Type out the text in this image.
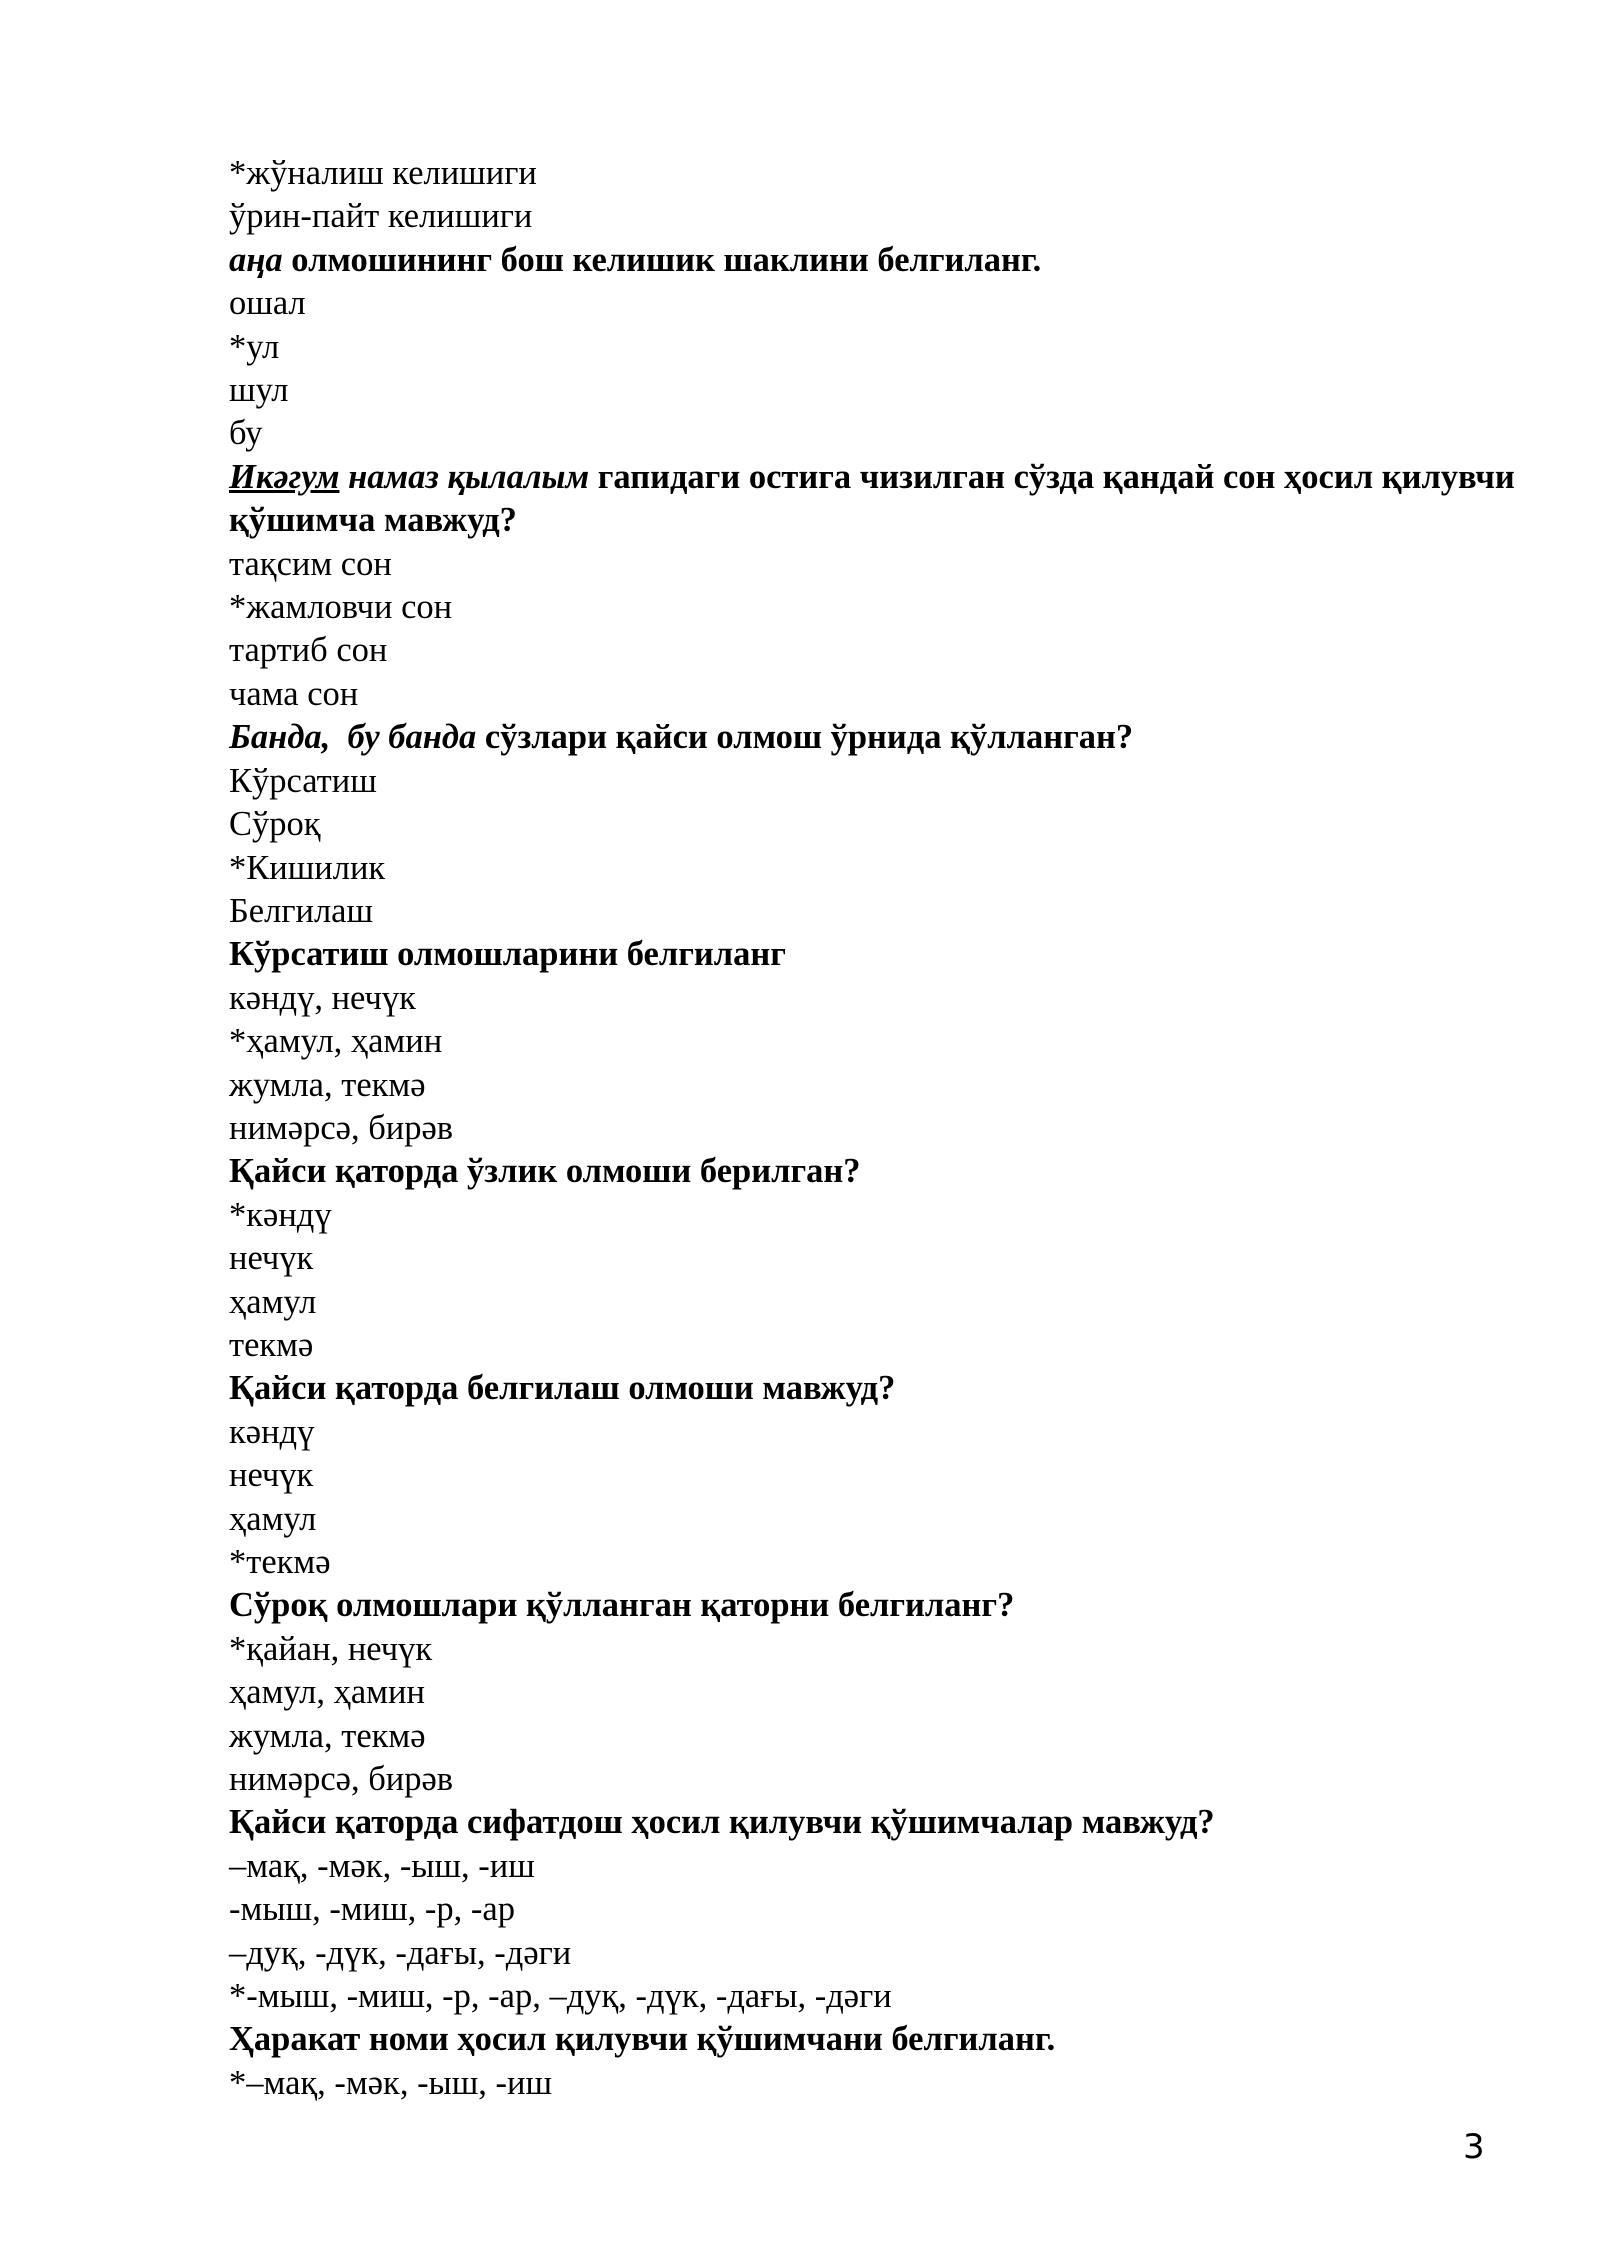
*жўналиш келишиги
ўрин-пайт келишиги
аңа олмошининг бош келишик шаклини белгиланг.
ошал
*ул
шул
бу
Икәгум намаз қылалым гапидаги остига чизилган сўзда қандай сон ҳосил қилувчи қўшимча мавжуд?
тақсим сон
*жамловчи сон
тартиб сон
чама сон
Банда,  бу банда сўзлари қайси олмош ўрнида қўлланган?
Кўрсатиш
Сўроқ
*Кишилик
Белгилаш
Кўрсатиш олмошларини белгиланг
кәндү, нечүк
*ҳамул, ҳамин
жумла, текмә
нимәрсә, бирәв
Қайси қаторда ўзлик олмоши берилган?
*кәндү
нечүк
ҳамул
текмә
Қайси қаторда белгилаш олмоши мавжуд?
кәндү
нечүк
ҳамул
*текмә
Сўроқ олмошлари қўлланган қаторни белгиланг?
*қайан, нечүк
ҳамул, ҳамин
жумла, текмә
нимәрсә, бирәв
Қайси қаторда сифатдош ҳосил қилувчи қўшимчалар мавжуд?
–мақ, -мәк, -ыш, -иш
-мыш, -миш, -р, -ар
–дуқ, -дүк, -дағы, -дәги
*-мыш, -миш, -р, -ар, –дуқ, -дүк, -дағы, -дәги
Ҳаракат номи ҳосил қилувчи қўшимчани белгиланг.
*–мақ, -мәк, -ыш, -иш
3
